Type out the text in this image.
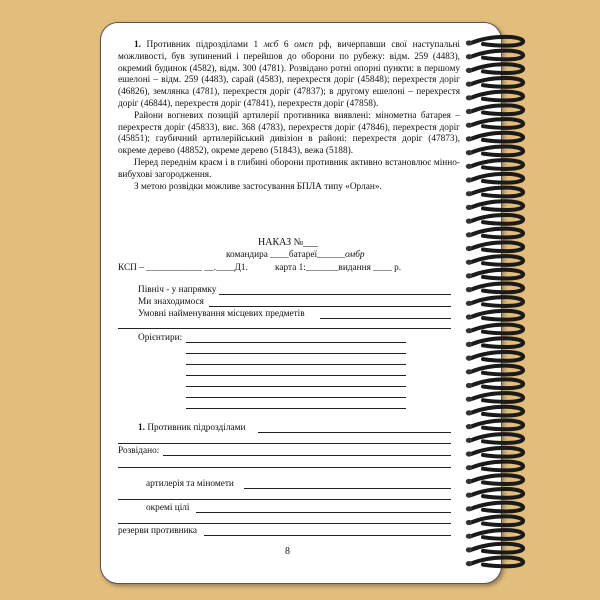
1. Противник підрозділами 1 мсб 6 омсп рф, вичерпавши свої наступальні можливості, був зупинений і перейшов до оборони по рубежу: відм. 259 (4483), окремий будинок (4582), відм. 300 (4781). Розвідано ротні опорні пункти: в першому ешелоні – відм. 259 (4483), сарай (4583), перехрестя доріг (45848); перехрестя доріг (46826), землянка (4781), перехрестя доріг (47837); в другому ешелоні – перехрестя доріг (46844), перехрестя доріг (47841), перехрестя доріг (47858).

Райони вогневих позицій артилерії противника виявлені: мінометна батарея – перехрестя доріг (45833), вис. 368 (4783), перехрестя доріг (47846), перехрестя доріг (45851); гаубичний артилерійський дивізіон в районі: перехрестя доріг (47873), окреме дерево (48852), окреме дерево (51843), вежа (5188).

Перед переднім краєм і в глибині оборони противник активно встановлює мінно-вибухові загородження.

З метою розвідки можливе застосування БПЛА типу «Орлан».

НАКАЗ №___
командира ____батареї______омбр
КСП – ____________ __.____Д1.	карта 1:_______видання ____ р.
Північ - у напрямку
Ми знаходимося
Умовні найменування місцевих предметів
Орієнтири:
1. Противник підрозділами
Розвідано:
артилерія та міномети
окремі цілі
резерви противника
8
